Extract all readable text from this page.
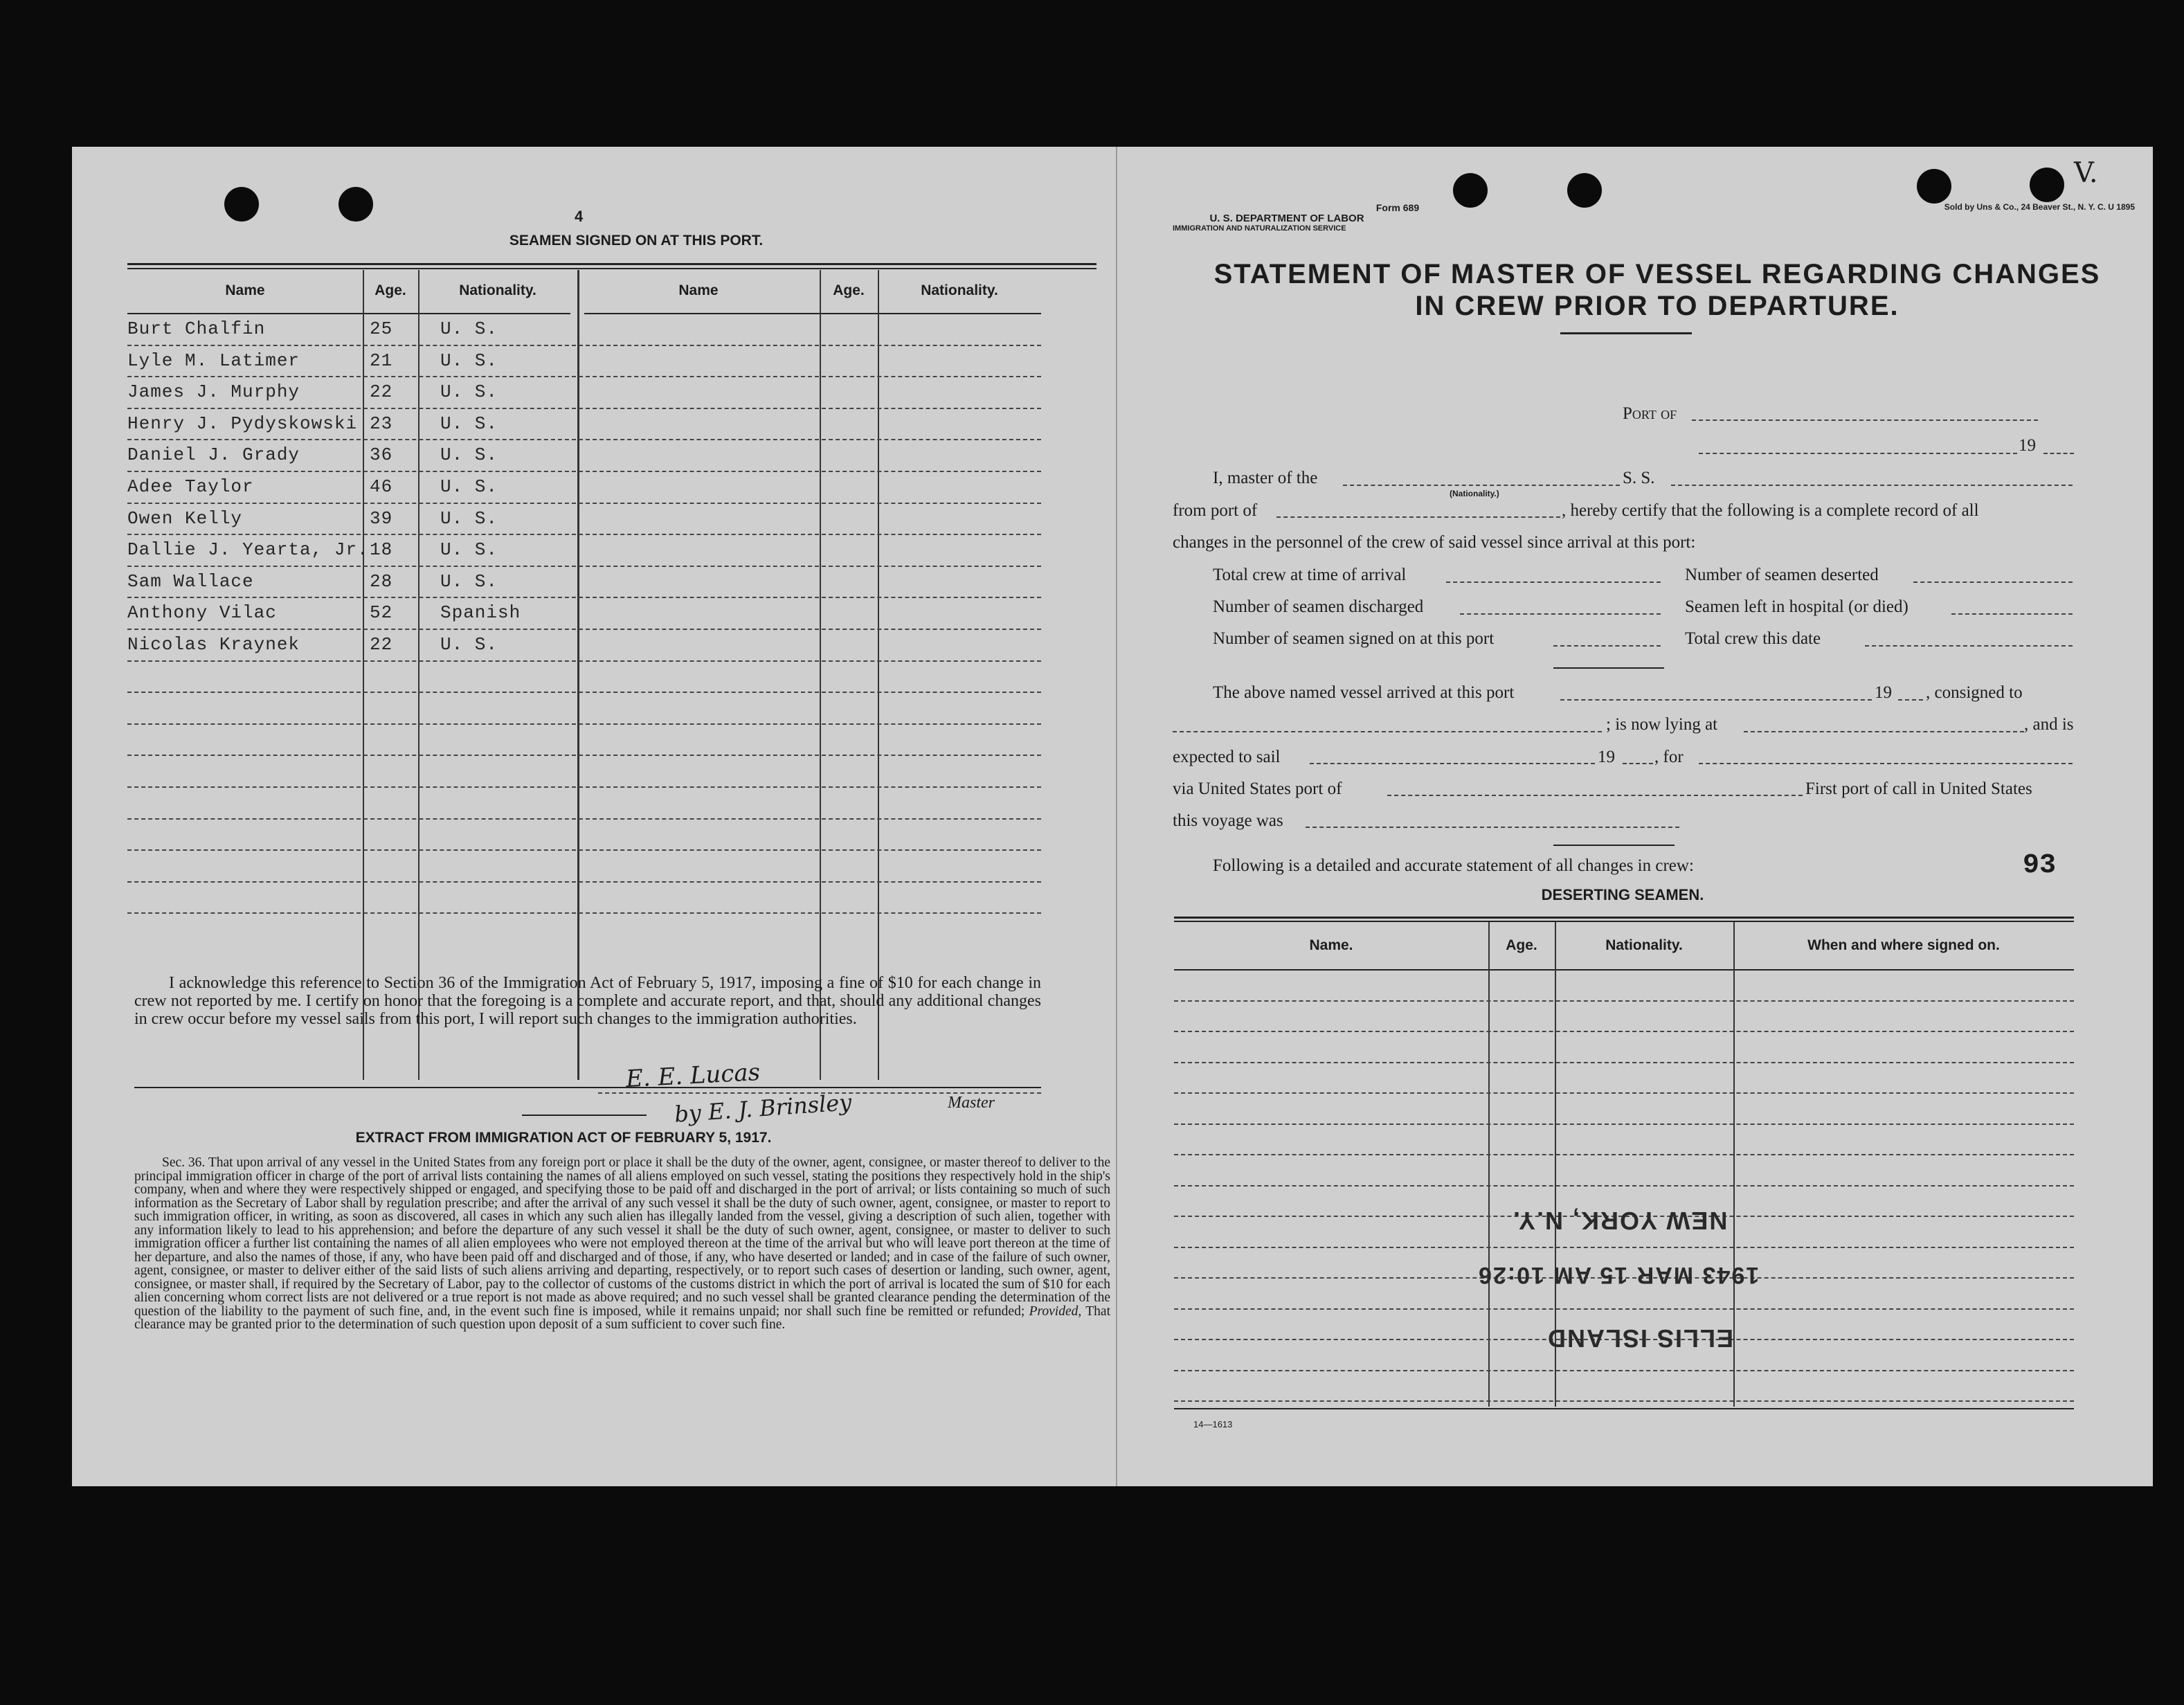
4
SEAMEN SIGNED ON AT THIS PORT.
Name	Age.	Nationality.	Name	Age.	Nationality.
Burt Chalfin	25	U. S.
Lyle M. Latimer	21	U. S.
James J. Murphy	22	U. S.
Henry J. Pydyskowski 23	U. S.
Daniel J. Grady	36	U. S.
Adee Taylor	46	U. S.
Owen Kelly	39	U. S.
Dallie J. Yearta, Jr. 18	U. S.
Sam Wallace	28	U. S.
Anthony Vilac	52	Spanish
Nicolas Kraynek	22	U. S.
I acknowledge this reference to Section 36 of the Immigration Act of February 5, 1917, imposing a fine of $10 for each change in crew not reported by me. I certify on honor that the foregoing is a complete and accurate report, and that, should any additional changes in crew occur before my vessel sails from this port, I will report such changes to the immigration authorities.
E. E. Lucas
by E. J. Brinsley	Master
EXTRACT FROM IMMIGRATION ACT OF FEBRUARY 5, 1917.
Sec. 36. That upon arrival of any vessel in the United States from any foreign port or place it shall be the duty of the owner, agent, consignee, or master thereof to deliver to the principal immigration officer in charge of the port of arrival lists containing the names of all aliens employed on such vessel, stating the positions they respectively hold in the ship's company, when and where they were respectively shipped or engaged, and specifying those to be paid off and discharged in the port of arrival; or lists containing so much of such information as the Secretary of Labor shall by regulation prescribe; and after the arrival of any such vessel it shall be the duty of such owner, agent, consignee, or master to report to such immigration officer, in writing, as soon as discovered, all cases in which any such alien has illegally landed from the vessel, giving a description of such alien, together with any information likely to lead to his apprehension; and before the departure of any such vessel it shall be the duty of such owner, agent, consignee, or master to deliver to such immigration officer a further list containing the names of all alien employees who were not employed thereon at the time of the arrival but who will leave port thereon at the time of her departure, and also the names of those, if any, who have been paid off and discharged and of those, if any, who have deserted or landed; and in case of the failure of such owner, agent, consignee, or master to deliver either of the said lists of such aliens arriving and departing, respectively, or to report such cases of desertion or landing, such owner, agent, consignee, or master shall, if required by the Secretary of Labor, pay to the collector of customs of the customs district in which the port of arrival is located the sum of $10 for each alien concerning whom correct lists are not delivered or a true report is not made as above required; and no such vessel shall be granted clearance pending the determination of the question of the liability to the payment of such fine, and, in the event such fine is imposed, while it remains unpaid; nor shall such fine be remitted or refunded; Provided, That clearance may be granted prior to the determination of such question upon deposit of a sum sufficient to cover such fine.
V.
Form 689
U. S. DEPARTMENT OF LABOR
IMMIGRATION AND NATURALIZATION SERVICE
Sold by Uns & Co., 24 Beaver St., N. Y. C. U 1895
STATEMENT OF MASTER OF VESSEL REGARDING CHANGES
IN CREW PRIOR TO DEPARTURE.
Port of
19
I, master of the
(Nationality.)
S. S.
from port of	, hereby certify that the following is a complete record of all
changes in the personnel of the crew of said vessel since arrival at this port:
Total crew at time of arrival	Number of seamen deserted
Number of seamen discharged	Seamen left in hospital (or died)
Number of seamen signed on at this port	Total crew this date
The above named vessel arrived at this port	19 , consigned to
; is now lying at	, and is
expected to sail	19 , for
via United States port of	First port of call in United States
this voyage was
Following is a detailed and accurate statement of all changes in crew:	93
DESERTING SEAMEN.
Name.	Age.	Nationality.	When and where signed on.
NEW YORK, N.Y.
1943 MAR 15 AM 10:26
ELLIS ISLAND
14—1613
